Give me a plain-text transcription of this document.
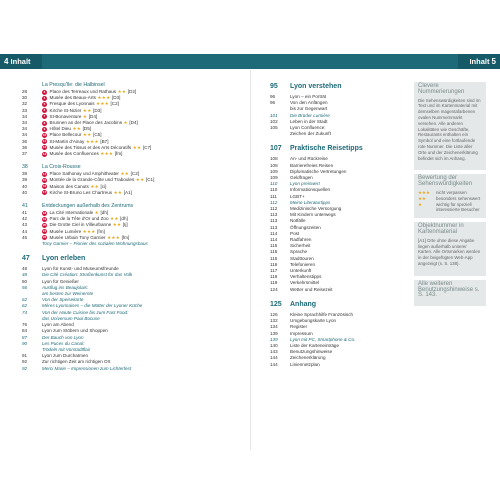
4 Inhalt	Inhalt 5
La Presqu'île: die Halbinsel
28	3 Place des Terreaux und Rathaus ★★ [D2]
30	4 Musée des Beaux-Arts ★★★ [D3]
32	5 Fresque des Lyonnais ★★★ [C2]
33	6 Kirche St-Nizier ★★ [D3]
34	7 St-Bonaventure ★ [D4]
34	8 Brunnen an der Place des Jacobins ★ [D4]
34	9 Hôtel Dieu ★★ [D5]
34	10 Place Bellecour ★★ [C5]
36	11 St-Martin d'Ainay ★★★ [B7]
36	12 Musée des Tissus et des Arts Décoratifs ★★ [C7]
37	13 Musée des Confluences ★★★ [fm]
38	La Croix-Rousse
38	14 Place Sathonay und Amphitheater ★★ [C2]
39	15 Montée de la Grande-Côte und Traboules ★★ [C1]
40	16 Maison des Canuts ★★ [ci]
40	17 Kirche St-Bruno Les Chartreux ★★ [A1]
41	Entdeckungen außerhalb des Zentrums
41	18 La Cité Internationale ★ [dh]
42	19 Parc de la Tête d'Or und Zoo ★★ [dh]
43	20 Die Grotte Ciel in Villeurbanne ★★ [Ij]
44	21 Musée Lumière ★★★ [fm]
45	22 Musée Urbain Tony Garnier ★★★ [fm]
Tony Garnier – Pionier des sozialen Wohnungsbaus
47	Lyon erleben
48	Lyon für Kunst- und Museumsfreunde
48	Die Cité Création: Straßenkunst für das Volk
50	Lyon für Genießer
56	Ausflug ins Beaujolais:
am besten zur Weinernte
62	Von der Speisekarte
62	Mères Lyonnaises – die Mütter der Lyoner Küche
74	Von der Haute Cuisine bis zum Fast Food:
das Universum Paul Bocuse
76	Lyon am Abend
84	Lyon zum Stöbern und Shoppen
87	Der Bauch von Lyon
90	Les Puces du Canal:
Trödeln mit Vorstadtflair
91	Lyon zum Durchatmen
92	Zur richtigen Zeit am richtigen Ort
92	Merci Marie – Impressionen zum Lichterfest
95	Lyon verstehen
96	Lyon – ein Porträt
96	Von den Anfängen
bis zur Gegenwart
101	Die Brüder Lumière
102	Leben in der Stadt
105	Lyon Confluence:
Zeichen der Zukunft
107	Praktische Reisetipps
108	An- und Rückreise
108	Barrierefreies Reisen
109	Diplomatische Vertretungen
109	Geldfragen
110	Lyon preiswert
110	Informationsquellen
111	LGBT+
112	Meine Literaturtipps
112	Medizinische Versorgung
113	Mit Kindern unterwegs
113	Notfälle
113	Öffnungszeiten
114	Post
114	Radfahren
115	Sicherheit
115	Sprache
115	Stadttouren
116	Telefonieren
117	Unterkunft
119	Verhaltenstipps
119	Verkehrsmittel
124	Wetter und Reisezeit
125	Anhang
126	Kleine Sprachhilfe Französisch
132	Umgebungskarte Lyon
134	Register
139	Impressum
139	Lyon mit PC, Smartphone & Co.
140	Liste der Karteneinträge
143	Benutzungshinweise
144	Zeichenerklärung
144	Liniennetzplan
Clevere Nummerierungen

Die Sehenswürdigkeiten sind im Text und im Kartenmaterial mit demselben magentafarbenen ovalen Nummernmarkt versehen. Alle anderen Lokalitäten wie Geschäfte, Restaurants enthalten ein Symbol und eine fortlaufende rote Nummer. Die Liste aller Orte und der Zeichenerklärung befindet sich im Anhang.

Bewertung der Sehenswürdigkeiten
★★★	nicht verpassen
★★	besonders sehenswert
★	wichtig für speziell interessierte Besucher
Objektnummer in Kartenmaterial

[A1] Orte ohne diese Angabe liegen außerhalb unserer Karten. Alle Ortsmarken werden in der beigefügten Web-App angezeigt (s. S. 138).

Alle weiteren Benutzungshinweise s. S. 143.
